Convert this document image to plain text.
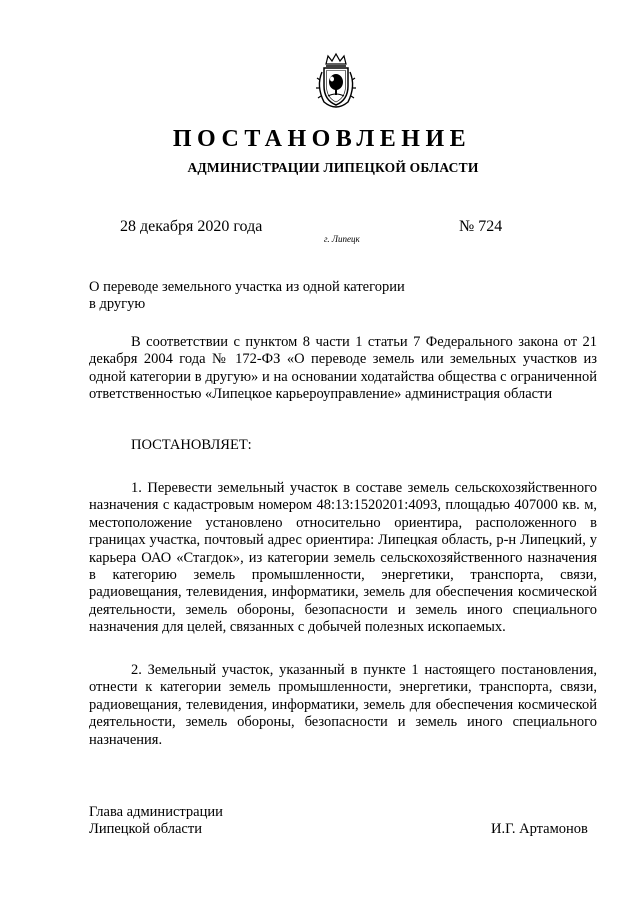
ПОСТАНОВЛЕНИЕ
АДМИНИСТРАЦИИ ЛИПЕЦКОЙ ОБЛАСТИ
28 декабря 2020 года
г. Липецк
№ 724

О переводе земельного участка из одной категории
в другую

В соответствии с пунктом 8 части 1 статьи 7 Федерального закона от 21 декабря 2004 года № 172-ФЗ «О переводе земель или земельных участков из одной категории в другую» и на основании ходатайства общества с ограниченной ответственностью «Липецкое карьероуправление» администрация области

ПОСТАНОВЛЯЕТ:

1. Перевести земельный участок в составе земель сельскохозяйственного назначения с кадастровым номером 48:13:1520201:4093, площадью 407000 кв. м, местоположение установлено относительно ориентира, расположенного в границах участка, почтовый адрес ориентира: Липецкая область, р-н Липецкий, у карьера ОАО «Стагдок», из категории земель сельскохозяйственного назначения в категорию земель промышленности, энергетики, транспорта, связи, радиовещания, телевидения, информатики, земель для обеспечения космической деятельности, земель обороны, безопасности и земель иного специального назначения для целей, связанных с добычей полезных ископаемых.

2. Земельный участок, указанный в пункте 1 настоящего постановления, отнести к категории земель промышленности, энергетики, транспорта, связи, радиовещания, телевидения, информатики, земель для обеспечения космической деятельности, земель обороны, безопасности и земель иного специального назначения.

Глава администрации
Липецкой области	И.Г. Артамонов
